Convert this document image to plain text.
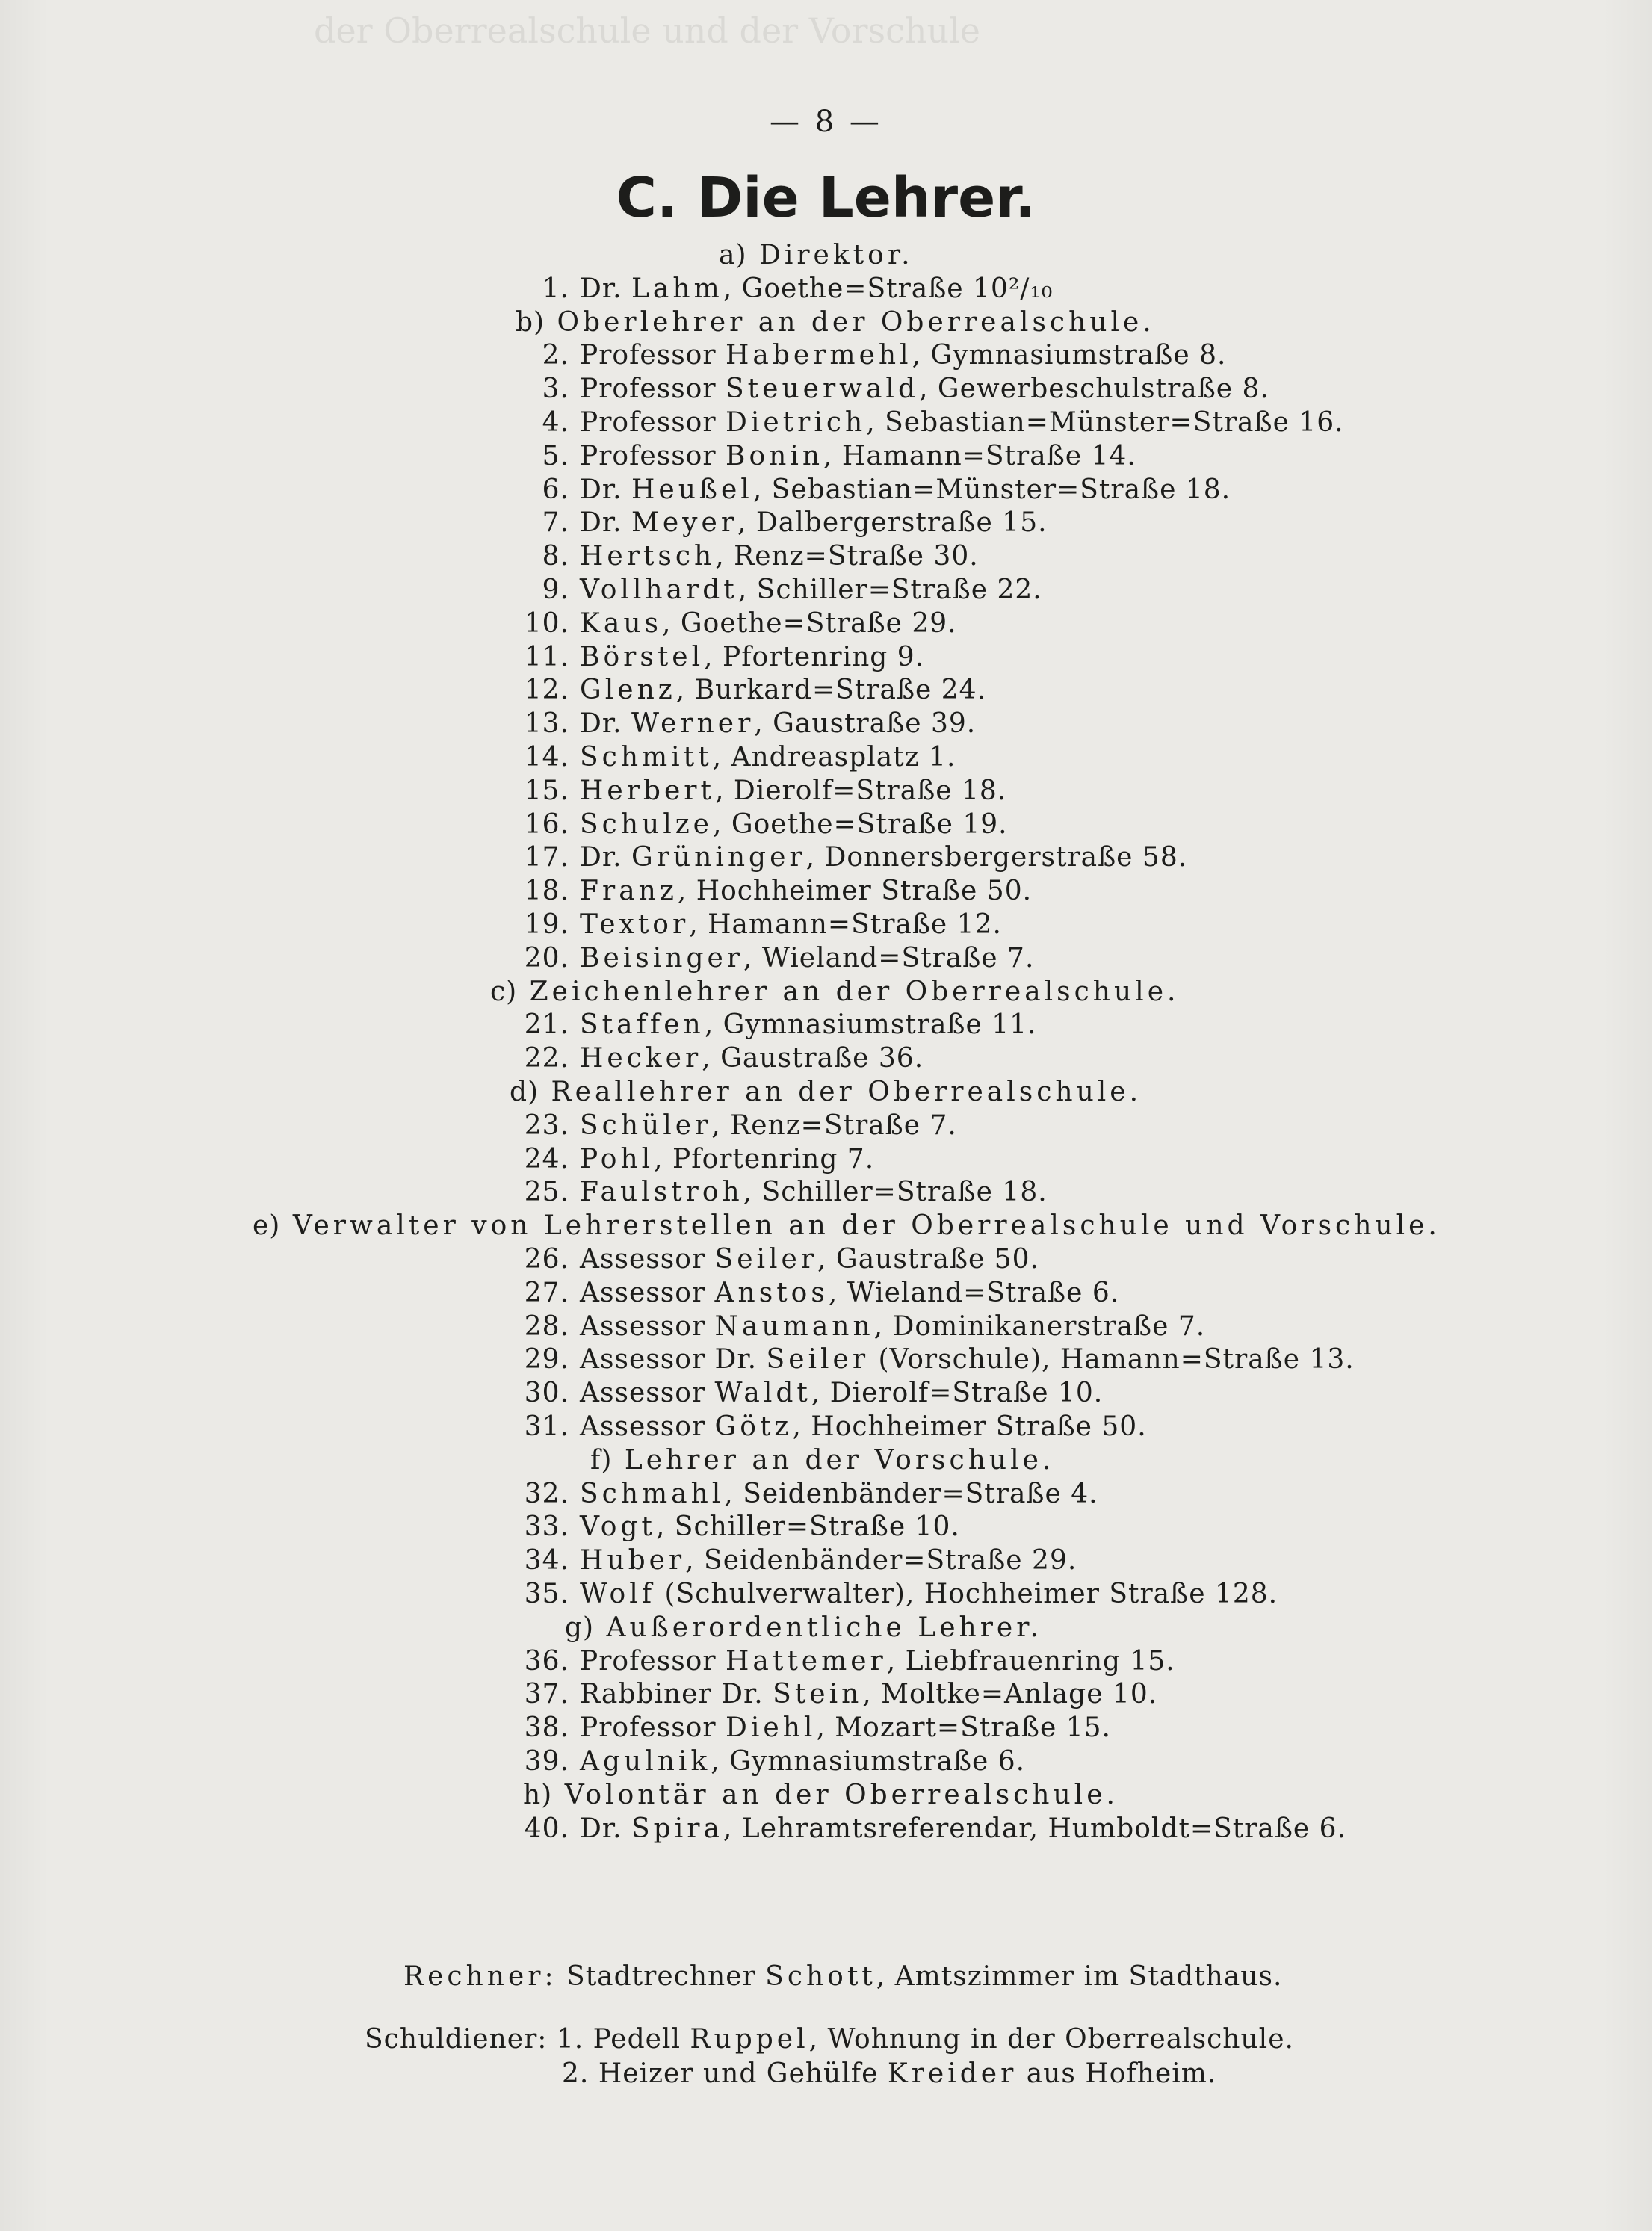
der Oberrealschule und der Vorschule
— 8 —
C. Die Lehrer.
a) Direktor.
1. Dr. Lahm, Goethe=Straße 10²/₁₀
b) Oberlehrer an der Oberrealschule.
2. Professor Habermehl, Gymnasiumstraße 8.
3. Professor Steuerwald, Gewerbeschulstraße 8.
4. Professor Dietrich, Sebastian=Münster=Straße 16.
5. Professor Bonin, Hamann=Straße 14.
6. Dr. Heußel, Sebastian=Münster=Straße 18.
7. Dr. Meyer, Dalbergerstraße 15.
8. Hertsch, Renz=Straße 30.
9. Vollhardt, Schiller=Straße 22.
10. Kaus, Goethe=Straße 29.
11. Börstel, Pfortenring 9.
12. Glenz, Burkard=Straße 24.
13. Dr. Werner, Gaustraße 39.
14. Schmitt, Andreasplatz 1.
15. Herbert, Dierolf=Straße 18.
16. Schulze, Goethe=Straße 19.
17. Dr. Grüninger, Donnersbergerstraße 58.
18. Franz, Hochheimer Straße 50.
19. Textor, Hamann=Straße 12.
20. Beisinger, Wieland=Straße 7.
c) Zeichenlehrer an der Oberrealschule.
21. Staffen, Gymnasiumstraße 11.
22. Hecker, Gaustraße 36.
d) Reallehrer an der Oberrealschule.
23. Schüler, Renz=Straße 7.
24. Pohl, Pfortenring 7.
25. Faulstroh, Schiller=Straße 18.
e) Verwalter von Lehrerstellen an der Oberrealschule und Vorschule.
26. Assessor Seiler, Gaustraße 50.
27. Assessor Anstos, Wieland=Straße 6.
28. Assessor Naumann, Dominikanerstraße 7.
29. Assessor Dr. Seiler (Vorschule), Hamann=Straße 13.
30. Assessor Waldt, Dierolf=Straße 10.
31. Assessor Götz, Hochheimer Straße 50.
f) Lehrer an der Vorschule.
32. Schmahl, Seidenbänder=Straße 4.
33. Vogt, Schiller=Straße 10.
34. Huber, Seidenbänder=Straße 29.
35. Wolf (Schulverwalter), Hochheimer Straße 128.
g) Außerordentliche Lehrer.
36. Professor Hattemer, Liebfrauenring 15.
37. Rabbiner Dr. Stein, Moltke=Anlage 10.
38. Professor Diehl, Mozart=Straße 15.
39. Agulnik, Gymnasiumstraße 6.
h) Volontär an der Oberrealschule.
40. Dr. Spira, Lehramtsreferendar, Humboldt=Straße 6.
Rechner: Stadtrechner Schott, Amtszimmer im Stadthaus.
Schuldiener: 1. Pedell Ruppel, Wohnung in der Oberrealschule.
2. Heizer und Gehülfe Kreider aus Hofheim.
